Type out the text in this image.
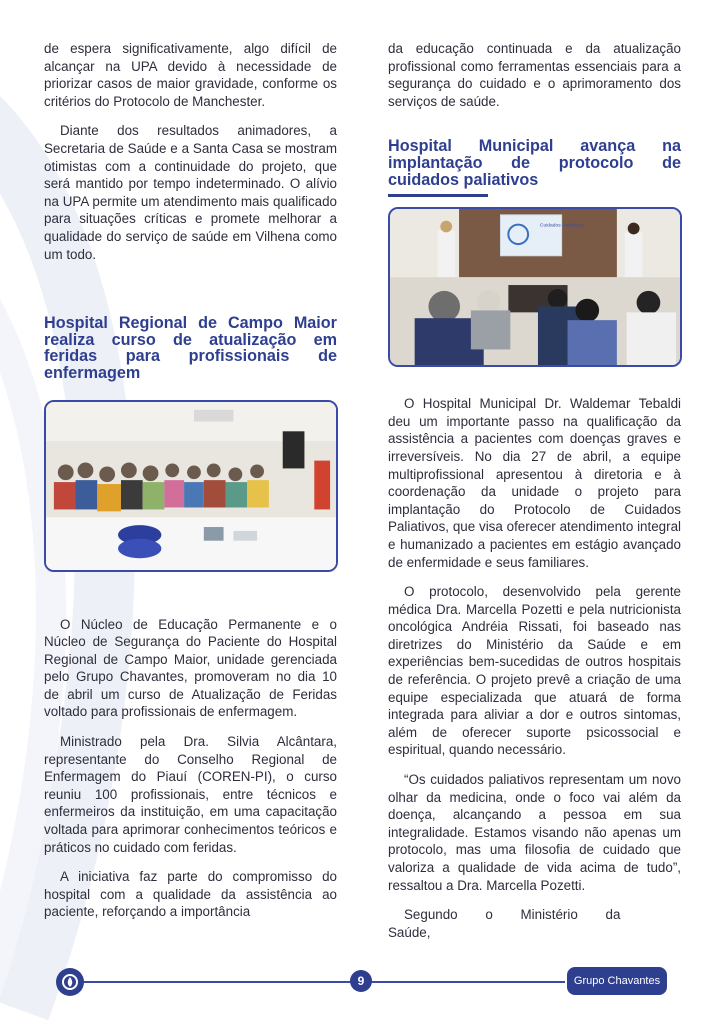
de espera significativamente, algo difícil de alcançar na UPA devido à necessidade de priorizar casos de maior gravidade, conforme os critérios do Protocolo de Manchester.

Diante dos resultados animadores, a Secretaria de Saúde e a Santa Casa se mostram otimistas com a continuidade do projeto, que será mantido por tempo indeterminado. O alívio na UPA permite um atendimento mais qualificado para situações críticas e promete melhorar a qualidade do serviço de saúde em Vilhena como um todo.

Hospital Regional de Campo Maior realiza curso de atualização em feridas para profissionais de enfermagem

O Núcleo de Educação Permanente e o Núcleo de Segurança do Paciente do Hospital Regional de Campo Maior, unidade gerenciada pelo Grupo Chavantes, promoveram no dia 10 de abril um curso de Atualização de Feridas voltado para profissionais de enfermagem.

Ministrado pela Dra. Silvia Alcântara, representante do Conselho Regional de Enfermagem do Piauí (COREN-PI), o curso reuniu 100 profissionais, entre técnicos e enfermeiros da instituição, em uma capacitação voltada para aprimorar conhecimentos teóricos e práticos no cuidado com feridas.

A iniciativa faz parte do compromisso do hospital com a qualidade da assistência ao paciente, reforçando a importância

da educação continuada e da atualização profissional como ferramentas essenciais para a segurança do cuidado e o aprimoramento dos serviços de saúde.

Hospital Municipal avança na implantação de protocolo de cuidados paliativos
Cuidados Paliativos

O Hospital Municipal Dr. Waldemar Tebaldi deu um importante passo na qualificação da assistência a pacientes com doenças graves e irreversíveis. No dia 27 de abril, a equipe multiprofissional apresentou à diretoria e à coordenação da unidade o projeto para implantação do Protocolo de Cuidados Paliativos, que visa oferecer atendimento integral e humanizado a pacientes em estágio avançado de enfermidade e seus familiares.

O protocolo, desenvolvido pela gerente médica Dra. Marcella Pozetti e pela nutricionista oncológica Andréia Rissati, foi baseado nas diretrizes do Ministério da Saúde e em experiências bem-sucedidas de outros hospitais de referência. O projeto prevê a criação de uma equipe especializada que atuará de forma integrada para aliviar a dor e outros sintomas, além de oferecer suporte psicossocial e espiritual, quando necessário.

“Os cuidados paliativos representam um novo olhar da medicina, onde o foco vai além da doença, alcançando a pessoa em sua integralidade. Estamos visando não apenas um protocolo, mas uma filosofia de cuidado que valoriza a qualidade de vida acima de tudo”, ressaltou a Dra. Marcella Pozetti.

Segundo o Ministério da Saúde,

9	Grupo Chavantes
